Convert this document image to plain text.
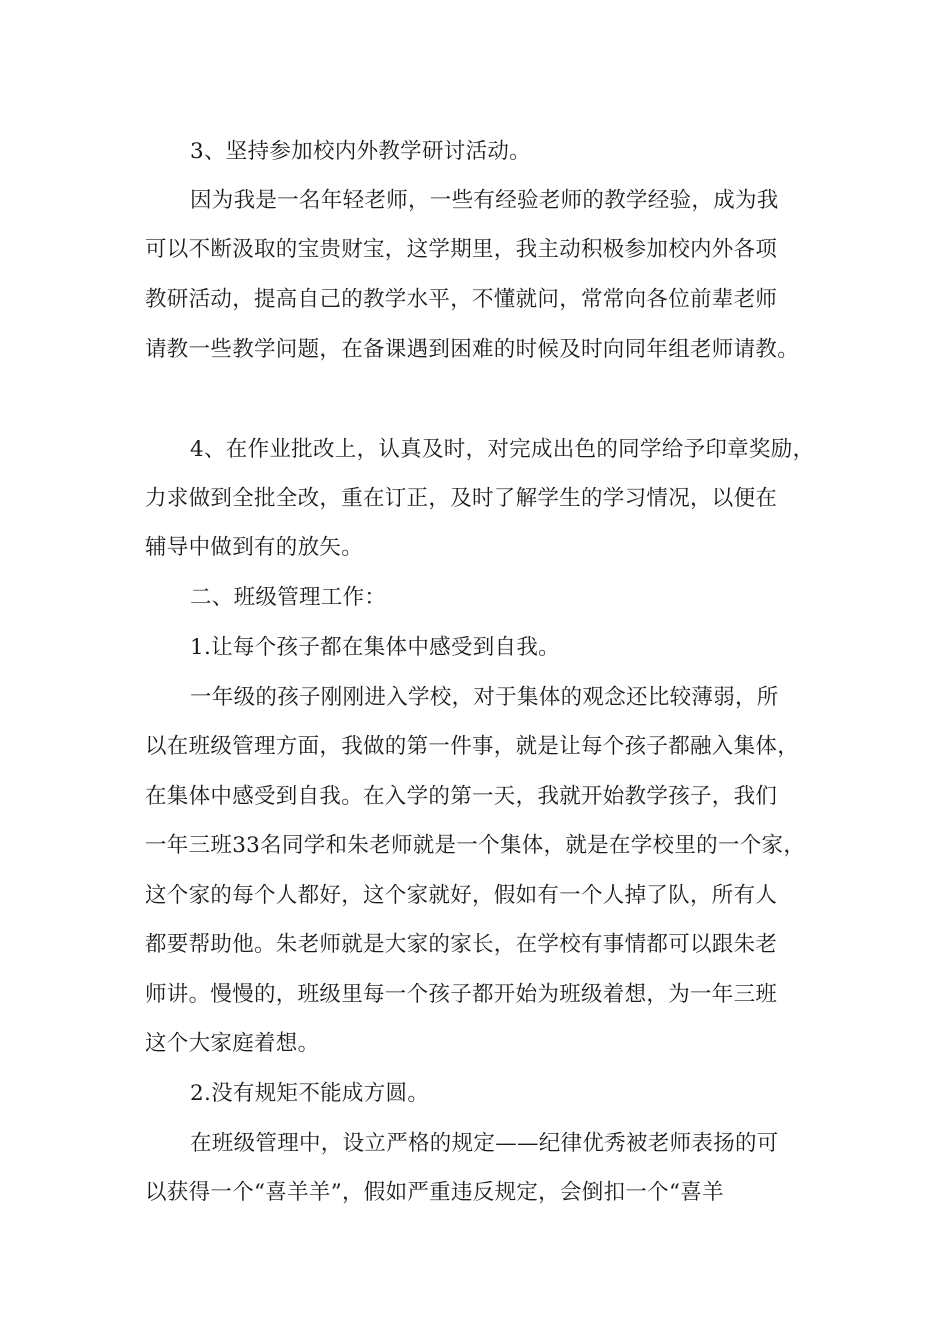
3、坚持参加校内外教学研讨活动。
因为我是一名年轻老师，一些有经验老师的教学经验，成为我
可以不断汲取的宝贵财宝，这学期里，我主动积极参加校内外各项
教研活动，提高自己的教学水平，不懂就问，常常向各位前辈老师
请教一些教学问题，在备课遇到困难的时候及时向同年组老师请教。
4、在作业批改上，认真及时，对完成出色的同学给予印章奖励，
力求做到全批全改，重在订正，及时了解学生的学习情况，以便在
辅导中做到有的放矢。
二、班级管理工作：
1.让每个孩子都在集体中感受到自我。
一年级的孩子刚刚进入学校，对于集体的观念还比较薄弱，所
以在班级管理方面，我做的第一件事，就是让每个孩子都融入集体，
在集体中感受到自我。在入学的第一天，我就开始教学孩子，我们
一年三班33名同学和朱老师就是一个集体，就是在学校里的一个家，
这个家的每个人都好，这个家就好，假如有一个人掉了队，所有人
都要帮助他。朱老师就是大家的家长，在学校有事情都可以跟朱老
师讲。慢慢的，班级里每一个孩子都开始为班级着想，为一年三班
这个大家庭着想。
2.没有规矩不能成方圆。
在班级管理中，设立严格的规定——纪律优秀被老师表扬的可
以获得一个“喜羊羊”，假如严重违反规定，会倒扣一个“喜羊
